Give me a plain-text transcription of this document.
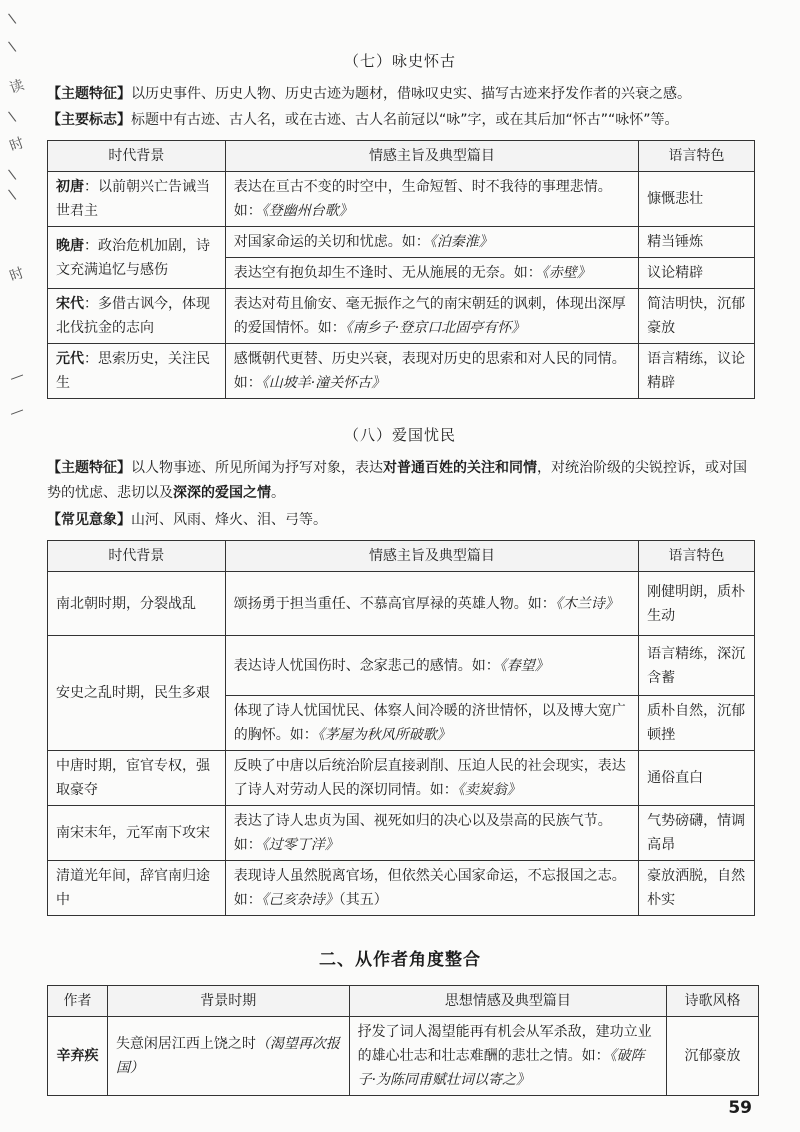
\
\
读
\
时
\
\
时
—
—
（七）咏史怀古
【主题特征】以历史事件、历史人物、历史古迹为题材，借咏叹史实、描写古迹来抒发作者的兴衰之感。
【主要标志】标题中有古迹、古人名，或在古迹、古人名前冠以“咏”字，或在其后加“怀古”“咏怀”等。
时代背景	情感主旨及典型篇目	语言特色
初唐：以前朝兴亡告诫当世君主	表达在亘古不变的时空中，生命短暂、时不我待的事理悲情。如：《登幽州台歌》	慷慨悲壮
晚唐：政治危机加剧，诗文充满追忆与感伤	对国家命运的关切和忧虑。如：《泊秦淮》	精当锤炼
	表达空有抱负却生不逢时、无从施展的无奈。如：《赤壁》	议论精辟
宋代：多借古讽今，体现北伐抗金的志向	表达对苟且偷安、毫无振作之气的南宋朝廷的讽刺，体现出深厚的爱国情怀。如：《南乡子·登京口北固亭有怀》	简洁明快，沉郁豪放
元代：思索历史，关注民生	感慨朝代更替、历史兴衰，表现对历史的思索和对人民的同情。如：《山坡羊·潼关怀古》	语言精练，议论精辟
（八）爱国忧民
【主题特征】以人物事迹、所见所闻为抒写对象，表达对普通百姓的关注和同情，对统治阶级的尖锐控诉，或对国势的忧虑、悲切以及深深的爱国之情。
【常见意象】山河、风雨、烽火、泪、弓等。
时代背景	情感主旨及典型篇目	语言特色
南北朝时期，分裂战乱	颂扬勇于担当重任、不慕高官厚禄的英雄人物。如：《木兰诗》	刚健明朗，质朴生动
安史之乱时期，民生多艰	表达诗人忧国伤时、念家悲己的感情。如：《春望》	语言精练，深沉含蓄
	体现了诗人忧国忧民、体察人间冷暖的济世情怀，以及博大宽广的胸怀。如：《茅屋为秋风所破歌》	质朴自然，沉郁顿挫
中唐时期，宦官专权，强取豪夺	反映了中唐以后统治阶层直接剥削、压迫人民的社会现实，表达了诗人对劳动人民的深切同情。如：《卖炭翁》	通俗直白
南宋末年，元军南下攻宋	表达了诗人忠贞为国、视死如归的决心以及崇高的民族气节。如：《过零丁洋》	气势磅礴，情调高昂
清道光年间，辞官南归途中	表现诗人虽然脱离官场，但依然关心国家命运，不忘报国之志。如：《己亥杂诗》（其五）	豪放洒脱，自然朴实
二、从作者角度整合
作者	背景时期	思想情感及典型篇目	诗歌风格
辛弃疾	失意闲居江西上饶之时（渴望再次报国）	抒发了词人渴望能再有机会从军杀敌，建功立业的雄心壮志和壮志难酬的悲壮之情。如：《破阵子·为陈同甫赋壮词以寄之》	沉郁豪放
59
